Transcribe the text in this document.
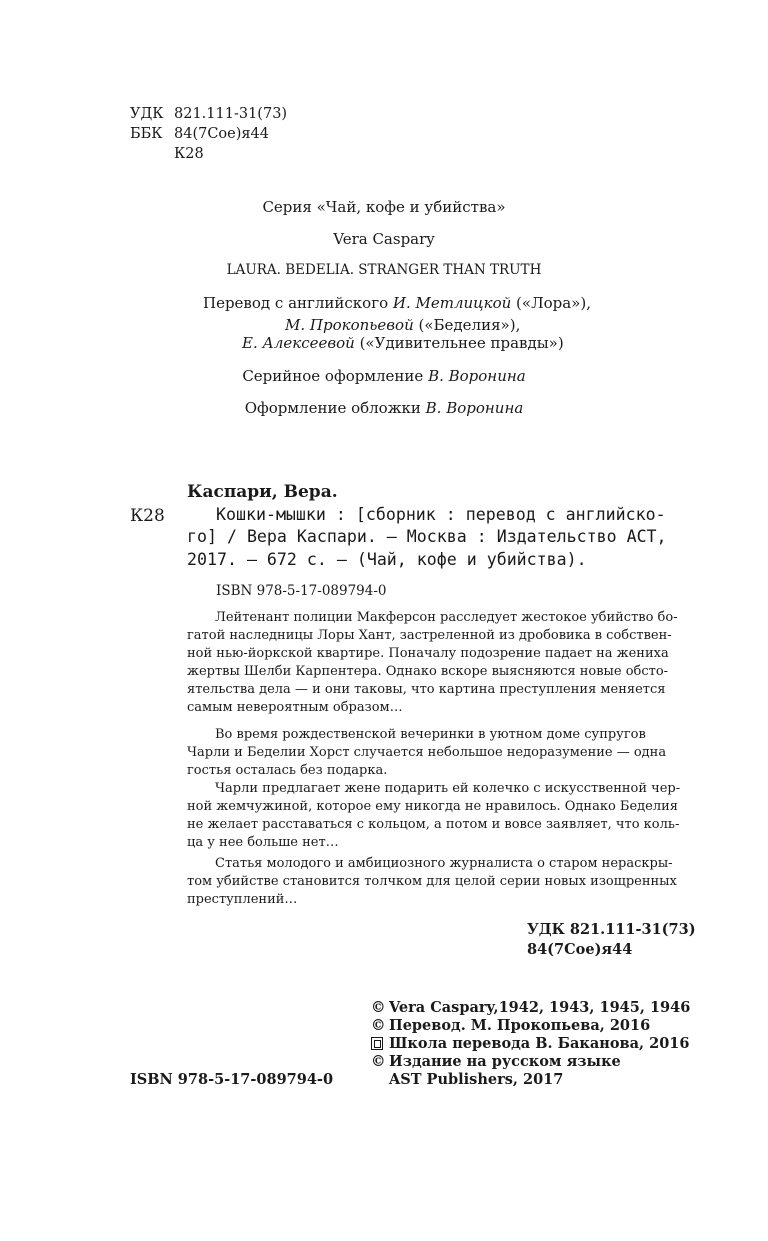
УДК 821.111-31(73)
ББК 84(7Сое)я44
К28
Серия «Чай, кофе и убийства»
Vera Caspary
LAURA. BEDELIA. STRANGER THAN TRUTH
Перевод с английского И. Метлицкой («Лора»),
М. Прокопьевой («Беделия»),
Е. Алексеевой («Удивительнее правды»)
Серийное оформление В. Воронина
Оформление обложки В. Воронина
Каспари, Вера.
К28	Кошки-мышки : [сборник : перевод с английско-
го] / Вера Каспари. — Москва : Издательство АСТ,
2017. — 672 с. — (Чай, кофе и убийства).
ISBN 978-5-17-089794-0
Лейтенант полиции Макферсон расследует жестокое убийство бо-
гатой наследницы Лоры Хант, застреленной из дробовика в собствен-
ной нью-йоркской квартире. Поначалу подозрение падает на жениха
жертвы Шелби Карпентера. Однако вскоре выясняются новые обсто-
ятельства дела — и они таковы, что картина преступления меняется
самым невероятным образом…
Во время рождественской вечеринки в уютном доме супругов
Чарли и Беделии Хорст случается небольшое недоразумение — одна
гостья осталась без подарка.
Чарли предлагает жене подарить ей колечко с искусственной чер-
ной жемчужиной, которое ему никогда не нравилось. Однако Беделия
не желает расставаться с кольцом, а потом и вовсе заявляет, что коль-
ца у нее больше нет…
Статья молодого и амбициозного журналиста о старом нераскры-
том убийстве становится толчком для целой серии новых изощренных
преступлений…
УДК 821.111-31(73)
84(7Сое)я44
© Vera Caspary,1942, 1943, 1945, 1946
© Перевод. М. Прокопьева, 2016
Школа перевода В. Баканова, 2016
© Издание на русском языке
AST Publishers, 2017
ISBN 978-5-17-089794-0
